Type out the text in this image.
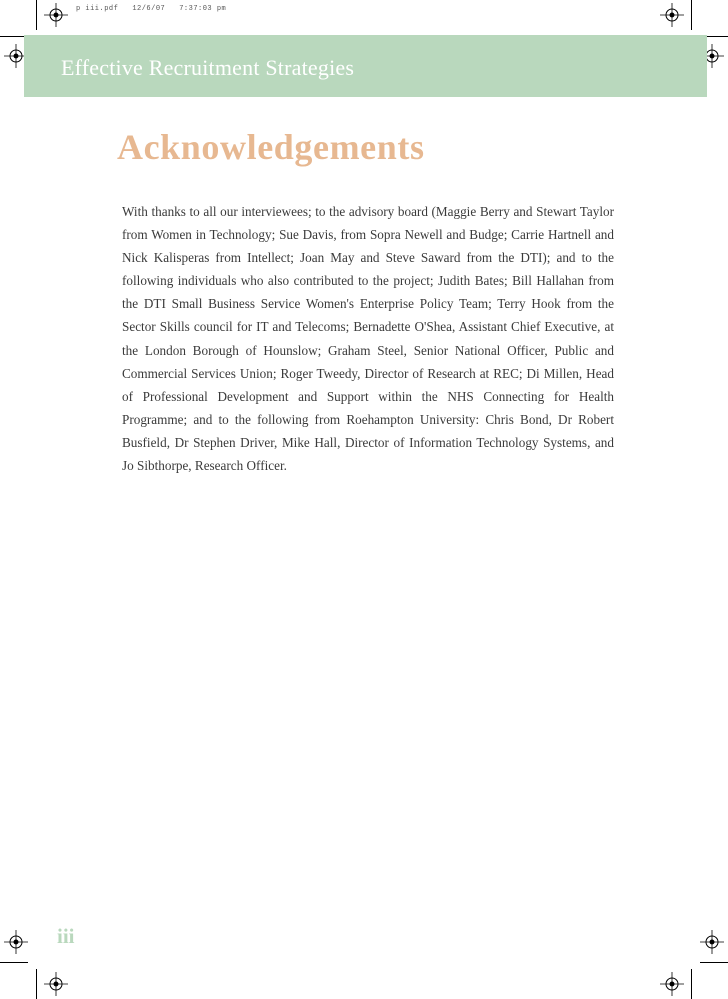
p iii.pdf 12/6/07 7:37:03 pm
Effective Recruitment Strategies
Acknowledgements

With thanks to all our interviewees; to the advisory board (Maggie Berry and Stewart Taylor from Women in Technology; Sue Davis, from Sopra Newell and Budge; Carrie Hartnell and Nick Kalisperas from Intellect; Joan May and Steve Saward from the DTI); and to the following individuals who also contributed to the project; Judith Bates; Bill Hallahan from the DTI Small Business Service Women's Enterprise Policy Team; Terry Hook from the Sector Skills council for IT and Telecoms; Bernadette O'Shea, Assistant Chief Executive, at the London Borough of Hounslow; Graham Steel, Senior National Officer, Public and Commercial Services Union; Roger Tweedy, Director of Research at REC; Di Millen, Head of Professional Development and Support within the NHS Connecting for Health Programme; and to the following from Roehampton University: Chris Bond, Dr Robert Busfield, Dr Stephen Driver, Mike Hall, Director of Information Technology Systems, and Jo Sibthorpe, Research Officer.

iii
